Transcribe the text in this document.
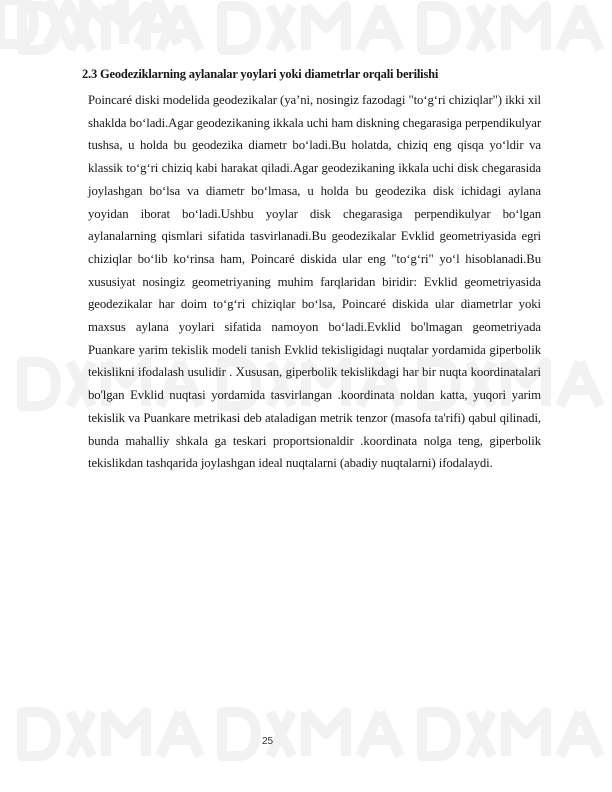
2.3 Geodeziklarning aylanalar yoylari yoki diametrlar orqali berilishi

Poincaré diski modelida geodezikalar (ya’ni, nosingiz fazodagi "to‘g‘ri chiziqlar") ikki xil shaklda bo‘ladi.Agar geodezikaning ikkala uchi ham diskning chegarasiga perpendikulyar tushsa, u holda bu geodezika diametr bo‘ladi.Bu holatda, chiziq eng qisqa yo‘ldir va klassik to‘g‘ri chiziq kabi harakat qiladi.Agar geodezikaning ikkala uchi disk chegarasida joylashgan bo‘lsa va diametr bo‘lmasa, u holda bu geodezika disk ichidagi aylana yoyidan iborat bo‘ladi.Ushbu yoylar disk chegarasiga perpendikulyar bo‘lgan aylanalarning qismlari sifatida tasvirlanadi.Bu geodezikalar Evklid geometriyasida egri chiziqlar bo‘lib ko‘rinsa ham, Poincaré diskida ular eng "to‘g‘ri" yo‘l hisoblanadi.Bu xususiyat nosingiz geometriyaning muhim farqlaridan biridir: Evklid geometriyasida geodezikalar har doim to‘g‘ri chiziqlar bo‘lsa, Poincaré diskida ular diametrlar yoki maxsus aylana yoylari sifatida namoyon bo‘ladi.Evklid bo'lmagan geometriyada Puankare yarim tekislik modeli tanish Evklid tekisligidagi nuqtalar yordamida giperbolik tekislikni ifodalash usulidir . Xususan, giperbolik tekislikdagi har bir nuqta koordinatalari bo'lgan Evklid nuqtasi yordamida tasvirlangan .koordinata noldan katta, yuqori yarim tekislik va Puankare metrikasi deb ataladigan metrik tenzor (masofa ta'rifi) qabul qilinadi, bunda mahalliy shkala ga teskari proportsionaldir .koordinata nolga teng, giperbolik tekislikdan tashqarida joylashgan ideal nuqtalarni (abadiy nuqtalarni) ifodalaydi.

25
